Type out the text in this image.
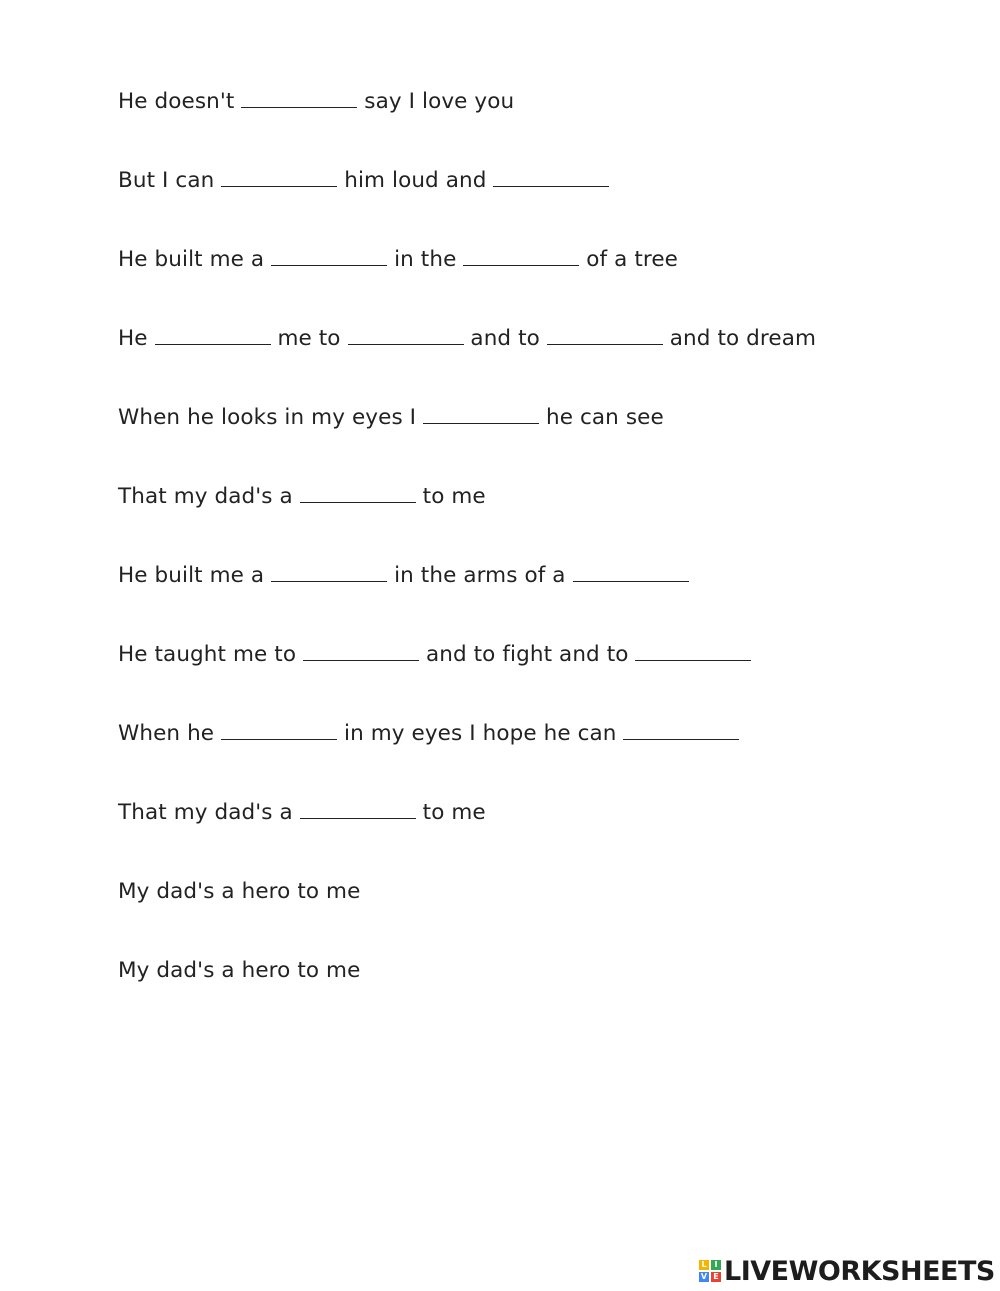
He doesn't	say I love you
But I can	him loud and
He built me a	in the	of a tree
He	me to	and to	and to dream
When he looks in my eyes I	he can see
That my dad's a	to me
He built me a	in the arms of a
He taught me to	and to fight and to
When he	in my eyes I hope he can
That my dad's a	to me
My dad's a hero to me
My dad's a hero to me
L I
V E LIVEWORKSHEETS
